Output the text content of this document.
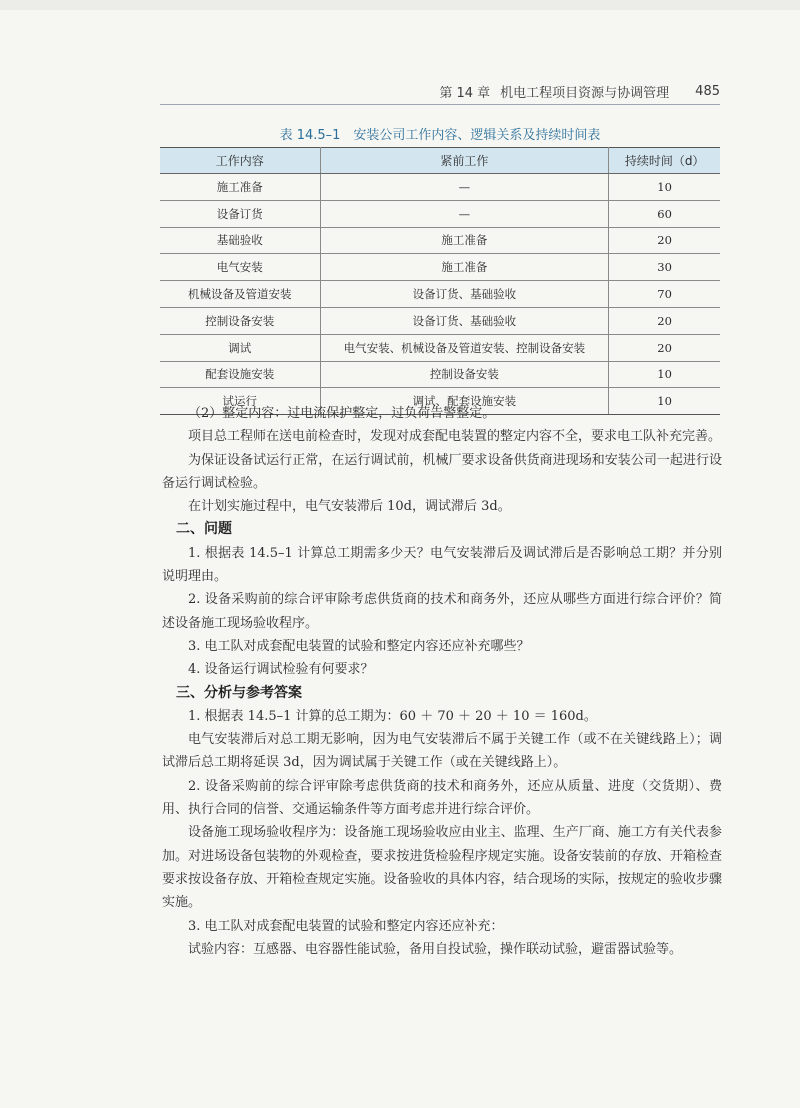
第 14 章 机电工程项目资源与协调管理 485
表 14.5–1　安装公司工作内容、逻辑关系及持续时间表
工作内容	紧前工作	持续时间（d）
施工准备	—	10
设备订货	—	60
基础验收	施工准备	20
电气安装	施工准备	30
机械设备及管道安装	设备订货、基础验收	70
控制设备安装	设备订货、基础验收	20
调试	电气安装、机械设备及管道安装、控制设备安装	20
配套设施安装	控制设备安装	10
试运行	调试、配套设施安装	10

（2）整定内容：过电流保护整定，过负荷告警整定。

项目总工程师在送电前检查时，发现对成套配电装置的整定内容不全，要求电工队补充完善。

为保证设备试运行正常，在运行调试前，机械厂要求设备供货商进现场和安装公司一起进行设备运行调试检验。

在计划实施过程中，电气安装滞后 10d，调试滞后 3d。

二、问题

1. 根据表 14.5–1 计算总工期需多少天？电气安装滞后及调试滞后是否影响总工期？并分别说明理由。

2. 设备采购前的综合评审除考虑供货商的技术和商务外，还应从哪些方面进行综合评价？简述设备施工现场验收程序。

3. 电工队对成套配电装置的试验和整定内容还应补充哪些？

4. 设备运行调试检验有何要求？

三、分析与参考答案

1. 根据表 14.5–1 计算的总工期为：60 ＋ 70 ＋ 20 ＋ 10 ＝ 160d。

电气安装滞后对总工期无影响，因为电气安装滞后不属于关键工作（或不在关键线路上）；调试滞后总工期将延误 3d，因为调试属于关键工作（或在关键线路上）。

2. 设备采购前的综合评审除考虑供货商的技术和商务外，还应从质量、进度（交货期）、费用、执行合同的信誉、交通运输条件等方面考虑并进行综合评价。

设备施工现场验收程序为：设备施工现场验收应由业主、监理、生产厂商、施工方有关代表参加。对进场设备包装物的外观检查，要求按进货检验程序规定实施。设备安装前的存放、开箱检查要求按设备存放、开箱检查规定实施。设备验收的具体内容，结合现场的实际，按规定的验收步骤实施。

3. 电工队对成套配电装置的试验和整定内容还应补充：

试验内容：互感器、电容器性能试验，备用自投试验，操作联动试验，避雷器试验等。
